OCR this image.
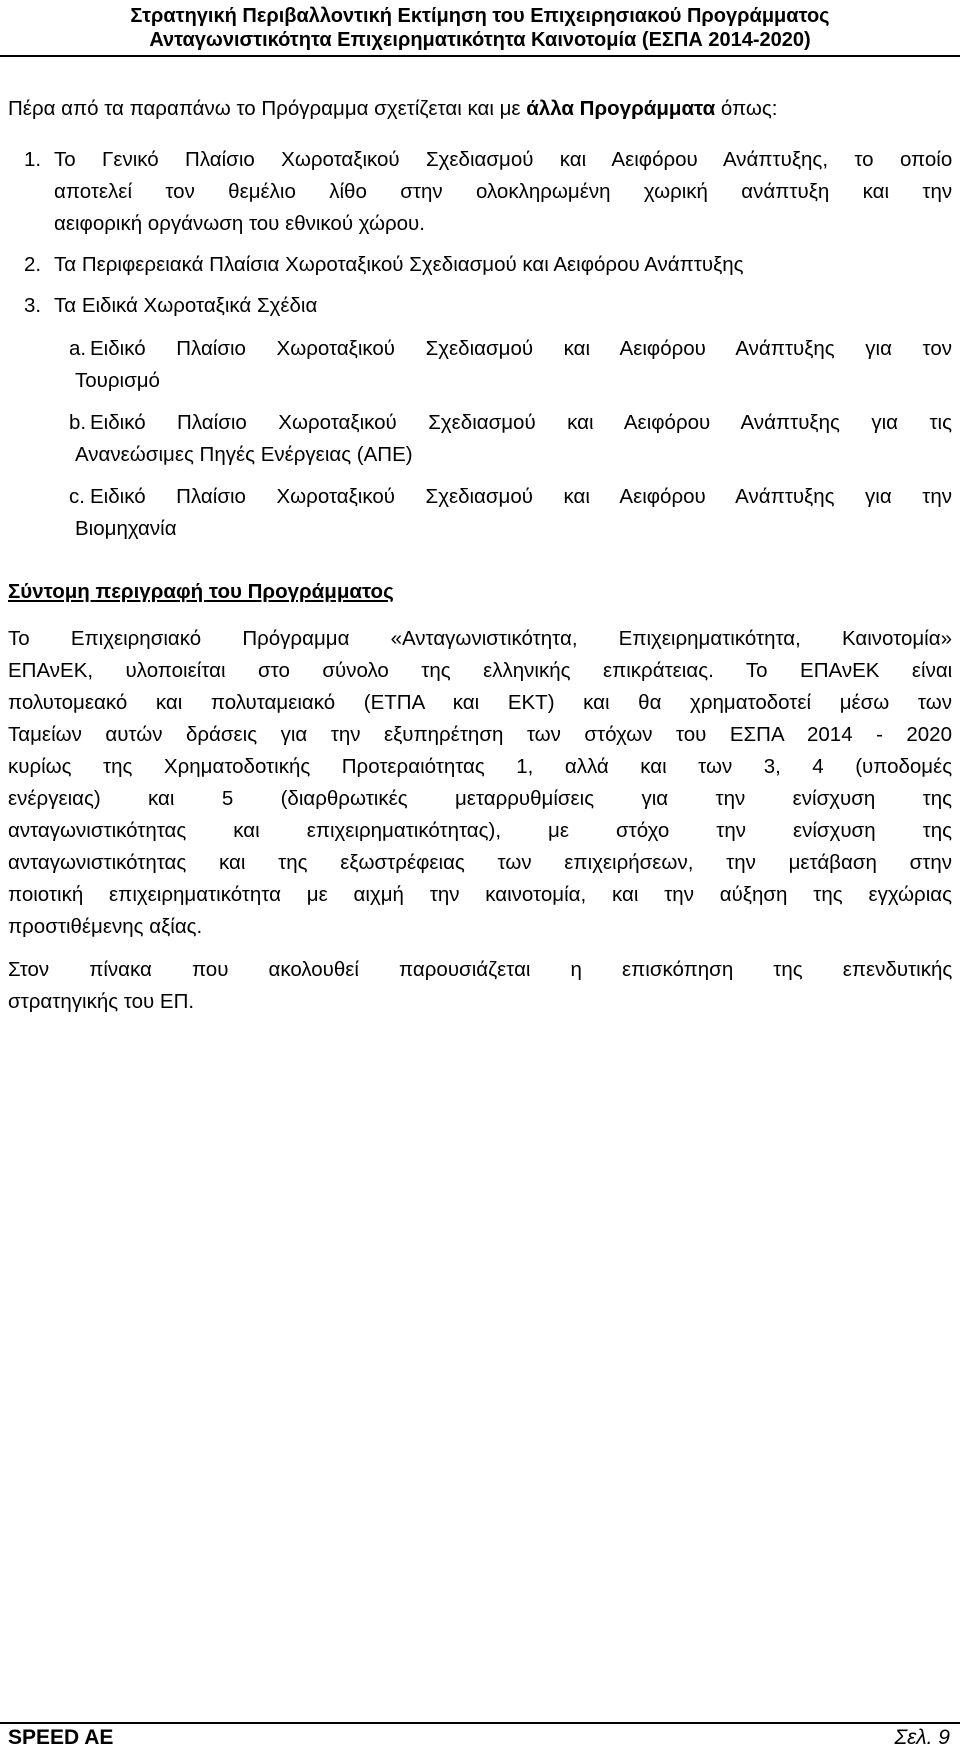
Στρατηγική Περιβαλλοντική Εκτίμηση του Επιχειρησιακού Προγράμματος
Ανταγωνιστικότητα Επιχειρηματικότητα Καινοτομία (ΕΣΠΑ 2014-2020)
Πέρα από τα παραπάνω το Πρόγραμμα σχετίζεται και με άλλα Προγράμματα όπως:
1. Το Γενικό Πλαίσιο Χωροταξικού Σχεδιασμού και Αειφόρου Ανάπτυξης, το οποίο
αποτελεί τον θεμέλιο λίθο στην ολοκληρωμένη χωρική ανάπτυξη και την
αειφορική οργάνωση του εθνικού χώρου.
2. Τα Περιφερειακά Πλαίσια Χωροταξικού Σχεδιασμού και Αειφόρου Ανάπτυξης
3. Τα Ειδικά Χωροταξικά Σχέδια
a. Ειδικό Πλαίσιο Χωροταξικού Σχεδιασμού και Αειφόρου Ανάπτυξης για τον
Τουρισμό
b. Ειδικό Πλαίσιο Χωροταξικού Σχεδιασμού και Αειφόρου Ανάπτυξης για τις
Ανανεώσιμες Πηγές Ενέργειας (ΑΠΕ)
c. Ειδικό Πλαίσιο Χωροταξικού Σχεδιασμού και Αειφόρου Ανάπτυξης για την
Βιομηχανία
Σύντομη περιγραφή του Προγράμματος
Το Επιχειρησιακό Πρόγραμμα «Ανταγωνιστικότητα, Επιχειρηματικότητα, Καινοτομία»
ΕΠΑνΕΚ, υλοποιείται στο σύνολο της ελληνικής επικράτειας. Το ΕΠΑνΕΚ είναι
πολυτομεακό και πολυταμειακό (ΕΤΠΑ και ΕΚΤ) και θα χρηματοδοτεί μέσω των
Ταμείων αυτών δράσεις για την εξυπηρέτηση των στόχων του ΕΣΠΑ 2014 - 2020
κυρίως της Χρηματοδοτικής Προτεραιότητας 1, αλλά και των 3, 4 (υποδομές
ενέργειας) και 5 (διαρθρωτικές μεταρρυθμίσεις για την ενίσχυση της
ανταγωνιστικότητας και επιχειρηματικότητας), με στόχο την ενίσχυση της
ανταγωνιστικότητας και της εξωστρέφειας των επιχειρήσεων, την μετάβαση στην
ποιοτική επιχειρηματικότητα με αιχμή την καινοτομία, και την αύξηση της εγχώριας
προστιθέμενης αξίας.
Στον πίνακα που ακολουθεί παρουσιάζεται η επισκόπηση της επενδυτικής
στρατηγικής του ΕΠ.
SPEED AE	Σελ. 9
